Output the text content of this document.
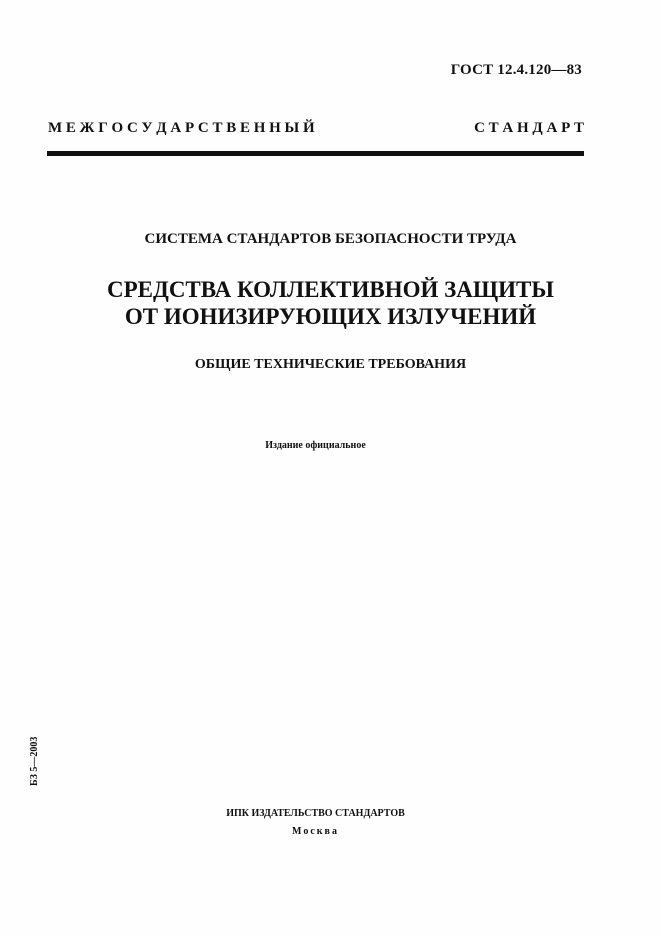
ГОСТ 12.4.120—83
М Е Ж Г О С У Д А Р С Т В Е Н Н Ы Й	С Т А Н Д А Р Т
СИСТЕМА СТАНДАРТОВ БЕЗОПАСНОСТИ ТРУДА
СРЕДСТВА КОЛЛЕКТИВНОЙ ЗАЩИТЫ
ОТ ИОНИЗИРУЮЩИХ ИЗЛУЧЕНИЙ
ОБЩИЕ ТЕХНИЧЕСКИЕ ТРЕБОВАНИЯ
Издание официальное
БЗ 5—2003
ИПК ИЗДАТЕЛЬСТВО СТАНДАРТОВ
Москва
